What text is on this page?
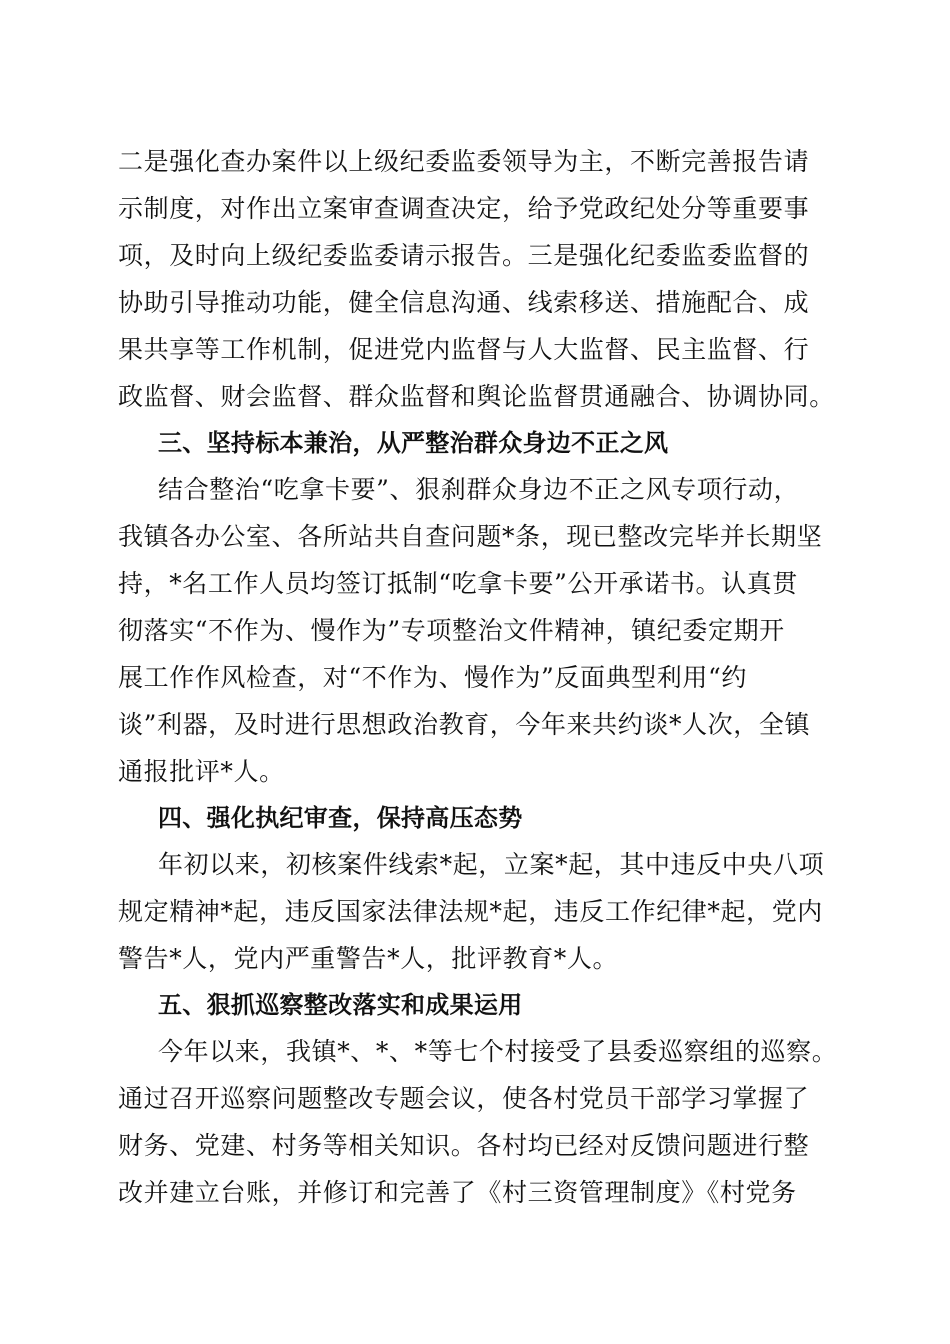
二是强化查办案件以上级纪委监委领导为主，不断完善报告请
示制度，对作出立案审查调查决定，给予党政纪处分等重要事
项，及时向上级纪委监委请示报告。三是强化纪委监委监督的
协助引导推动功能，健全信息沟通、线索移送、措施配合、成
果共享等工作机制，促进党内监督与人大监督、民主监督、行
政监督、财会监督、群众监督和舆论监督贯通融合、协调协同。
三、坚持标本兼治，从严整治群众身边不正之风
结合整治“吃拿卡要”、狠刹群众身边不正之风专项行动，
我镇各办公室、各所站共自查问题*条，现已整改完毕并长期坚
持，*名工作人员均签订抵制“吃拿卡要”公开承诺书。认真贯
彻落实“不作为、慢作为”专项整治文件精神，镇纪委定期开
展工作作风检查，对“不作为、慢作为”反面典型利用“约
谈”利器，及时进行思想政治教育，今年来共约谈*人次，全镇
通报批评*人。
四、强化执纪审查，保持高压态势
年初以来，初核案件线索*起，立案*起，其中违反中央八项
规定精神*起，违反国家法律法规*起，违反工作纪律*起，党内
警告*人，党内严重警告*人，批评教育*人。
五、狠抓巡察整改落实和成果运用
今年以来，我镇*、*、*等七个村接受了县委巡察组的巡察。
通过召开巡察问题整改专题会议，使各村党员干部学习掌握了
财务、党建、村务等相关知识。各村均已经对反馈问题进行整
改并建立台账，并修订和完善了《村三资管理制度》《村党务
